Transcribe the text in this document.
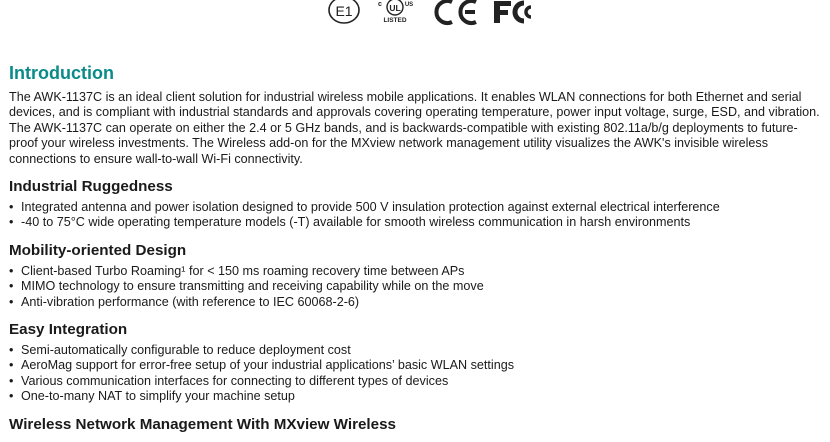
E1	UL
c	US
LISTED
Introduction

The AWK-1137C is an ideal client solution for industrial wireless mobile applications. It enables WLAN connections for both Ethernet and serial devices, and is compliant with industrial standards and approvals covering operating temperature, power input voltage, surge, ESD, and vibration. The AWK-1137C can operate on either the 2.4 or 5 GHz bands, and is backwards-compatible with existing 802.11a/b/g deployments to future-proof your wireless investments. The Wireless add-on for the MXview network management utility visualizes the AWK's invisible wireless connections to ensure wall-to-wall Wi-Fi connectivity.

Industrial Ruggedness
• Integrated antenna and power isolation designed to provide 500 V insulation protection against external electrical interference
• -40 to 75°C wide operating temperature models (-T) available for smooth wireless communication in harsh environments
Mobility-oriented Design
• Client-based Turbo Roaming¹ for < 150 ms roaming recovery time between APs
• MIMO technology to ensure transmitting and receiving capability while on the move
• Anti-vibration performance (with reference to IEC 60068-2-6)
Easy Integration
• Semi-automatically configurable to reduce deployment cost
• AeroMag support for error-free setup of your industrial applications’ basic WLAN settings
• Various communication interfaces for connecting to different types of devices
• One-to-many NAT to simplify your machine setup
Wireless Network Management With MXview Wireless
